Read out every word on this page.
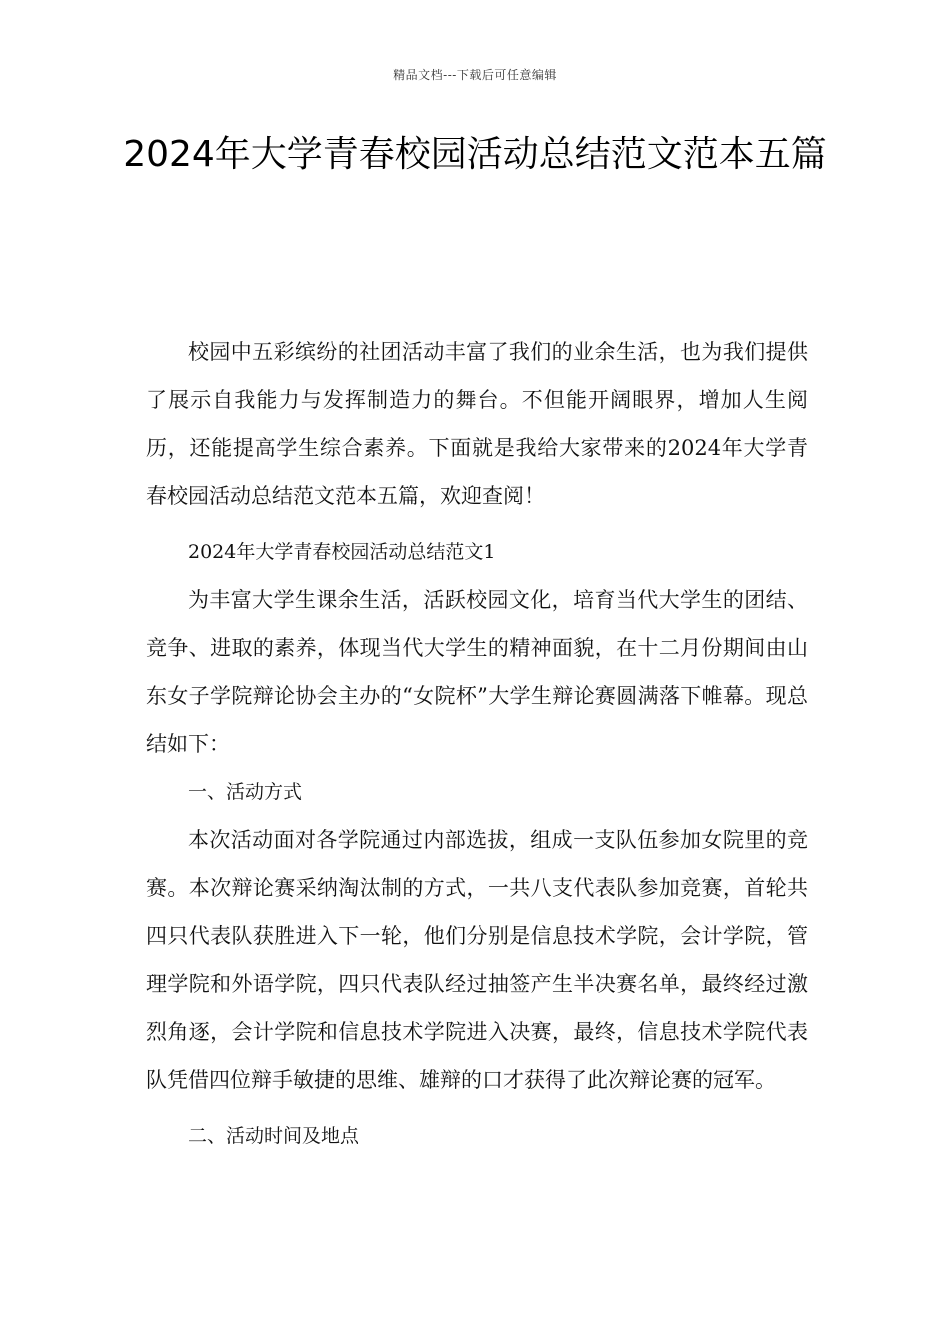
精品文档---下载后可任意编辑
2024年大学青春校园活动总结范文范本五篇

校园中五彩缤纷的社团活动丰富了我们的业余生活，也为我们提供了展示自我能力与发挥制造力的舞台。不但能开阔眼界，增加人生阅历，还能提高学生综合素养。下面就是我给大家带来的2024年大学青春校园活动总结范文范本五篇，欢迎查阅！

2024年大学青春校园活动总结范文1

为丰富大学生课余生活，活跃校园文化，培育当代大学生的团结、竞争、进取的素养，体现当代大学生的精神面貌，在十二月份期间由山东女子学院辩论协会主办的“女院杯”大学生辩论赛圆满落下帷幕。现总结如下：

一、活动方式

本次活动面对各学院通过内部选拔，组成一支队伍参加女院里的竞赛。本次辩论赛采纳淘汰制的方式，一共八支代表队参加竞赛，首轮共四只代表队获胜进入下一轮，他们分别是信息技术学院，会计学院，管理学院和外语学院，四只代表队经过抽签产生半决赛名单，最终经过激烈角逐，会计学院和信息技术学院进入决赛，最终，信息技术学院代表队凭借四位辩手敏捷的思维、雄辩的口才获得了此次辩论赛的冠军。

二、活动时间及地点
